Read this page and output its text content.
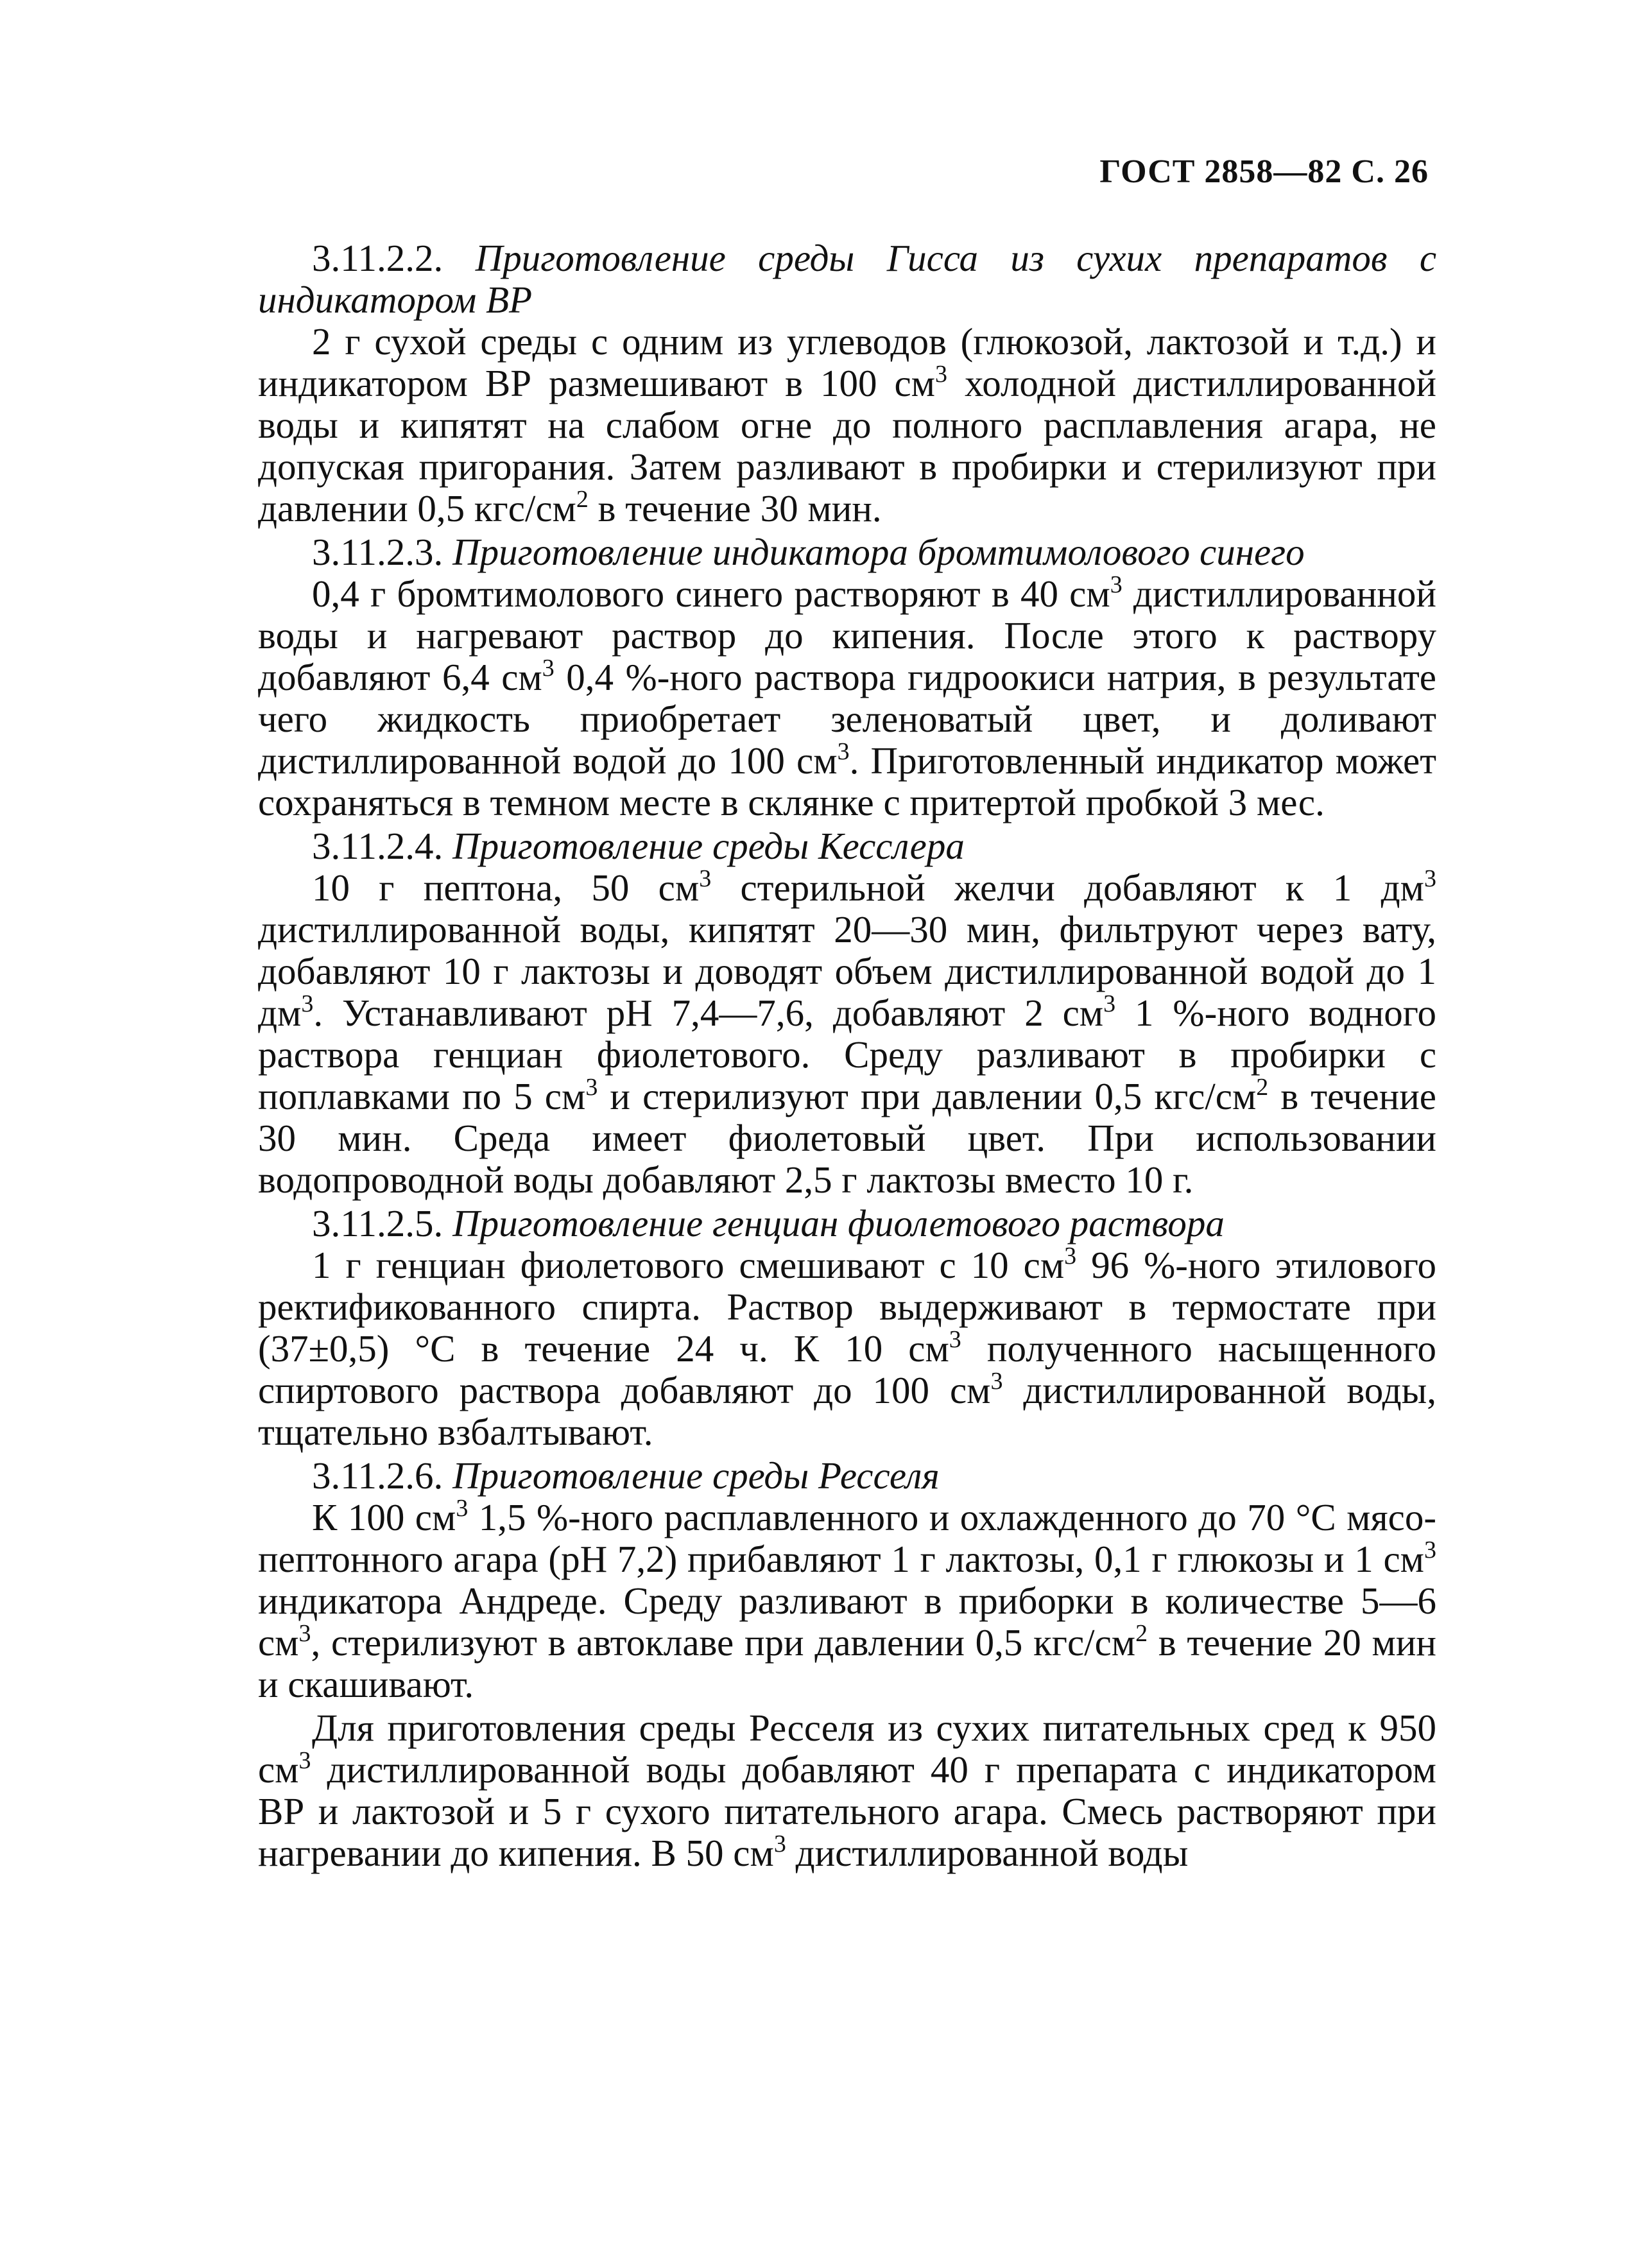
ГОСТ 2858—82 С. 26

3.11.2.2. Приготовление среды Гисса из сухих препаратов с индикатором ВР

2 г сухой среды с одним из углеводов (глюкозой, лактозой и т.д.) и индикатором ВР размешивают в 100 $см^3$ холодной дистиллированной воды и кипятят на слабом огне до полного расплавления агара, не допуская пригорания. Затем разливают в пробирки и стерилизуют при давлении 0,5 кгс/$см^2$ в течение 30 мин.

3.11.2.3. Приготовление индикатора бромтимолового синего

0,4 г бромтимолового синего растворяют в 40 $см^3$ дистиллированной воды и нагревают раствор до кипения. После этого к раствору добавляют 6,4 $см^3$ 0,4 %-ного раствора гидроокиси натрия, в результате чего жидкость приобретает зеленоватый цвет, и доливают дистиллированной водой до 100 $см^3$. Приготовленный индикатор может сохраняться в темном месте в склянке с притертой пробкой 3 мес.

3.11.2.4. Приготовление среды Кесслера

10 г пептона, 50 $см^3$ стерильной желчи добавляют к 1 $дм^3$ дистиллированной воды, кипятят 20—30 мин, фильтруют через вату, добавляют 10 г лактозы и доводят объем дистиллированной водой до 1 $дм^3$. Устанавливают рН 7,4—7,6, добавляют 2 $см^3$ 1 %-ного водного раствора генциан фиолетового. Среду разливают в пробирки с поплавками по 5 $см^3$ и стерилизуют при давлении 0,5 кгс/$см^2$ в течение 30 мин. Среда имеет фиолетовый цвет. При использовании водопроводной воды добавляют 2,5 г лактозы вместо 10 г.

3.11.2.5. Приготовление генциан фиолетового раствора

1 г генциан фиолетового смешивают с 10 $см^3$ 96 %-ного этилового ректификованного спирта. Раствор выдерживают в термостате при (37±0,5) °С в течение 24 ч. К 10 $см^3$ полученного насыщенного спиртового раствора добавляют до 100 $см^3$ дистиллированной воды, тщательно взбалтывают.

3.11.2.6. Приготовление среды Ресселя

К 100 $см^3$ 1,5 %-ного расплавленного и охлажденного до 70 °С мясо-пептонного агара (рН 7,2) прибавляют 1 г лактозы, 0,1 г глюкозы и 1 $см^3$ индикатора Андреде. Среду разливают в приборки в количестве 5—6 $см^3$, стерилизуют в автоклаве при давлении 0,5 кгс/$см^2$ в течение 20 мин и скашивают.

Для приготовления среды Ресселя из сухих питательных сред к 950 $см^3$ дистиллированной воды добавляют 40 г препарата с индикатором ВР и лактозой и 5 г сухого питательного агара. Смесь растворяют при нагревании до кипения. В 50 $см^3$ дистиллированной воды
